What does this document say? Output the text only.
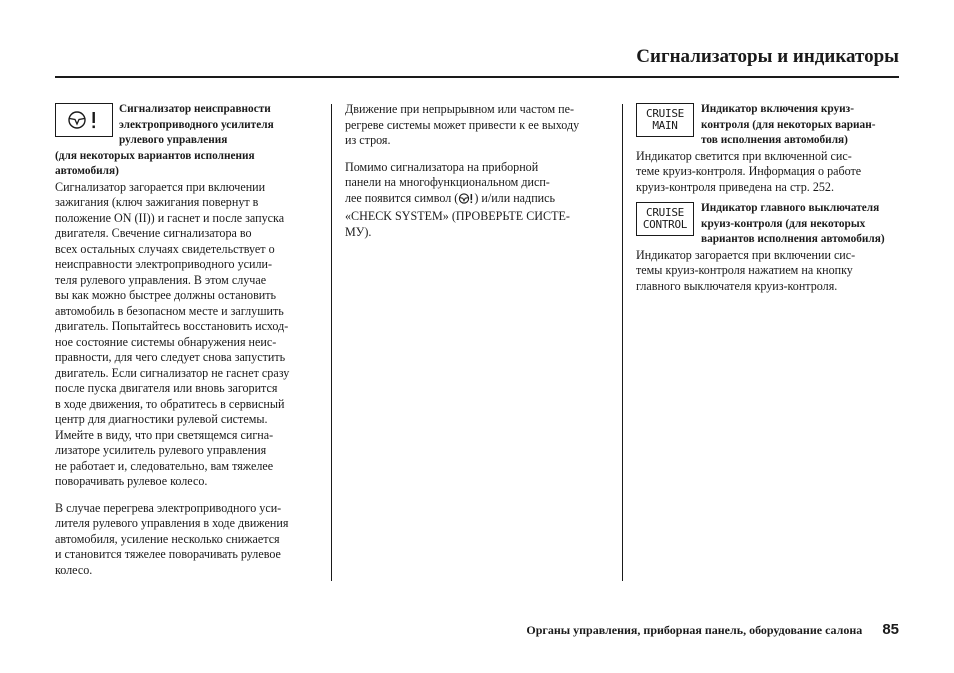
Сигнализаторы и индикаторы
Сигнализатор неисправности
электроприводного усилителя
рулевого управления
(для некоторых вариантов исполнения
автомобиля)

Сигнализатор загорается при включении
зажигания (ключ зажигания повернут в
положение ON (II)) и гаснет и после запуска
двигателя. Свечение сигнализатора во
всех остальных случаях свидетельствует о
неисправности электроприводного усили-
теля рулевого управления. В этом случае
вы как можно быстрее должны остановить
автомобиль в безопасном месте и заглушить
двигатель. Попытайтесь восстановить исход-
ное состояние системы обнаружения неис-
правности, для чего следует снова запустить
двигатель. Если сигнализатор не гаснет сразу
после пуска двигателя или вновь загорится
в ходе движения, то обратитесь в сервисный
центр для диагностики рулевой системы.
Имейте в виду, что при светящемся сигна-
лизаторе усилитель рулевого управления
не работает и, следовательно, вам тяжелее
поворачивать рулевое колесо.

В случае перегрева электроприводного уси-
лителя рулевого управления в ходе движения
автомобиля, усиление несколько снижается
и становится тяжелее поворачивать рулевое
колесо.

Движение при непрырывном или частом пе-
регреве системы может привести к ее выходу
из строя.

Помимо сигнализатора на приборной
панели на многофункциональном дисп-
лее появится символ ( ) и/или надпись
«CHECK SYSTEM» (ПРОВЕРЬТЕ СИСТЕ-
МУ).

CRUISE
MAIN
Индикатор включения круиз-
контроля (для некоторых вариан-
тов исполнения автомобиля)

Индикатор светится при включенной сис-
теме круиз-контроля. Информация о работе
круиз-контроля приведена на стр. 252.

CRUISE
CONTROL
Индикатор главного выключателя
круиз-контроля (для некоторых
вариантов исполнения автомобиля)

Индикатор загорается при включении сис-
темы круиз-контроля нажатием на кнопку
главного выключателя круиз-контроля.

Органы управления, приборная панель, оборудование салона 85
